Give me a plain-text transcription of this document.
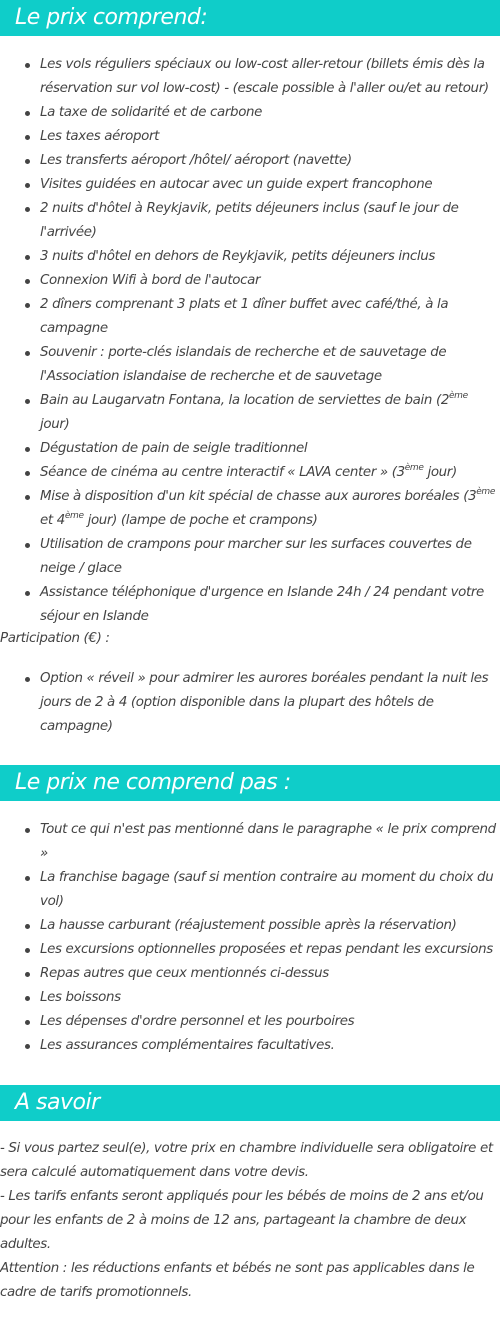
Le prix comprend:
Les vols réguliers spéciaux ou low-cost aller-retour (billets émis dès la réservation sur vol low-cost) - (escale possible à l'aller ou/et au retour)
La taxe de solidarité et de carbone
Les taxes aéroport
Les transferts aéroport /hôtel/ aéroport (navette)
Visites guidées en autocar avec un guide expert francophone
2 nuits d'hôtel à Reykjavik, petits déjeuners inclus (sauf le jour de l'arrivée)
3 nuits d'hôtel en dehors de Reykjavik, petits déjeuners inclus
Connexion Wifi à bord de l'autocar
2 dîners comprenant 3 plats et 1 dîner buffet avec café/thé, à la campagne
Souvenir : porte-clés islandais de recherche et de sauvetage de l'Association islandaise de recherche et de sauvetage
Bain au Laugarvatn Fontana, la location de serviettes de bain (2ème jour)
Dégustation de pain de seigle traditionnel
Séance de cinéma au centre interactif « LAVA center » (3ème jour)
Mise à disposition d'un kit spécial de chasse aux aurores boréales (3ème et 4ème jour) (lampe de poche et crampons)
Utilisation de crampons pour marcher sur les surfaces couvertes de neige / glace
Assistance téléphonique d'urgence en Islande 24h / 24 pendant votre séjour en Islande
Participation (€) :
Option « réveil » pour admirer les aurores boréales pendant la nuit les jours de 2 à 4 (option disponible dans la plupart des hôtels de campagne)
Le prix ne comprend pas :
Tout ce qui n'est pas mentionné dans le paragraphe « le prix comprend »
La franchise bagage (sauf si mention contraire au moment du choix du vol)
La hausse carburant (réajustement possible après la réservation)
Les excursions optionnelles proposées et repas pendant les excursions
Repas autres que ceux mentionnés ci-dessus
Les boissons
Les dépenses d'ordre personnel et les pourboires
Les assurances complémentaires facultatives.
A savoir

- Si vous partez seul(e), votre prix en chambre individuelle sera obligatoire et sera calculé automatiquement dans votre devis.

- Les tarifs enfants seront appliqués pour les bébés de moins de 2 ans et/ou pour les enfants de 2 à moins de 12 ans, partageant la chambre de deux adultes.

Attention : les réductions enfants et bébés ne sont pas applicables dans le cadre de tarifs promotionnels.
